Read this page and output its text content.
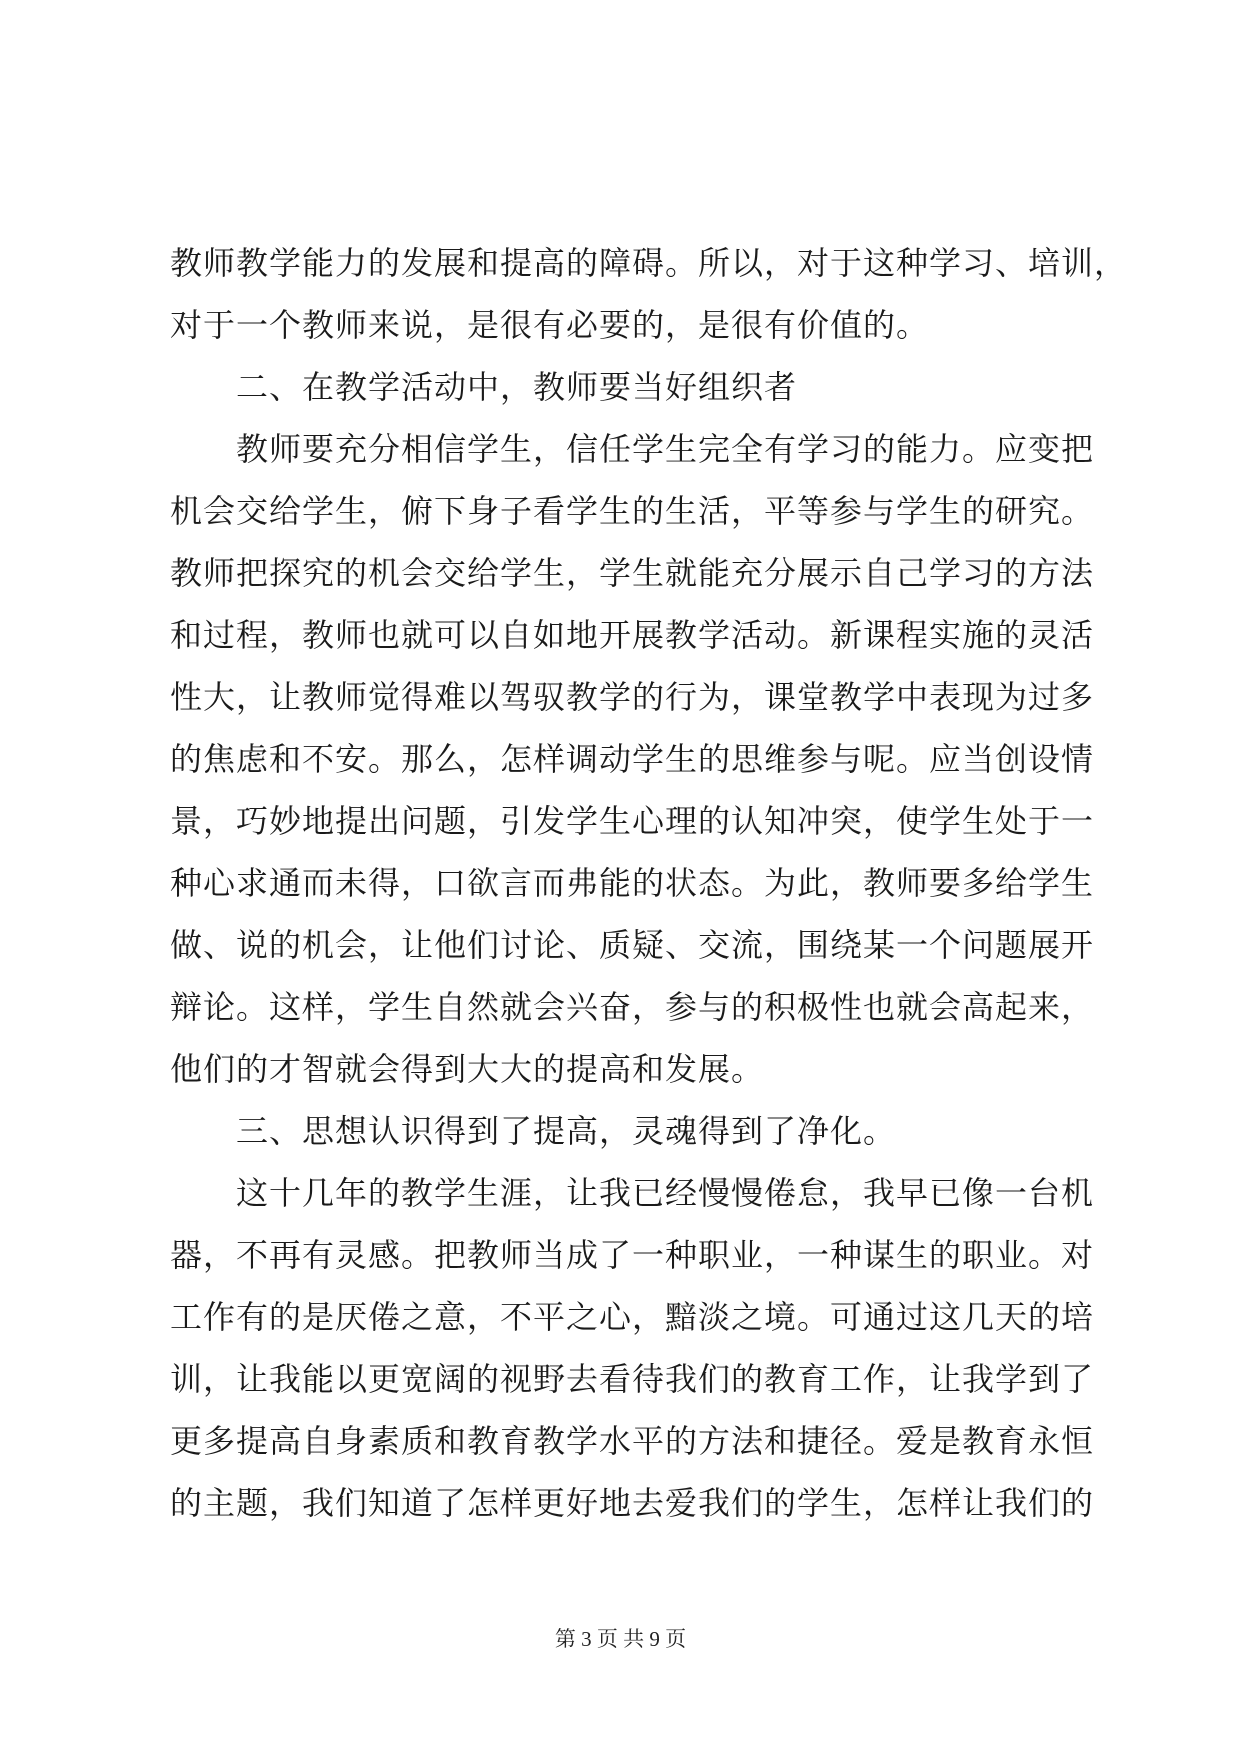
教师教学能力的发展和提高的障碍。所以，对于这种学习、培训，
对于一个教师来说，是很有必要的，是很有价值的。
二、在教学活动中，教师要当好组织者
教师要充分相信学生，信任学生完全有学习的能力。应变把
机会交给学生，俯下身子看学生的生活，平等参与学生的研究。
教师把探究的机会交给学生，学生就能充分展示自己学习的方法
和过程，教师也就可以自如地开展教学活动。新课程实施的灵活
性大，让教师觉得难以驾驭教学的行为，课堂教学中表现为过多
的焦虑和不安。那么，怎样调动学生的思维参与呢。应当创设情
景，巧妙地提出问题，引发学生心理的认知冲突，使学生处于一
种心求通而未得，口欲言而弗能的状态。为此，教师要多给学生
做、说的机会，让他们讨论、质疑、交流，围绕某一个问题展开
辩论。这样，学生自然就会兴奋，参与的积极性也就会高起来，
他们的才智就会得到大大的提高和发展。
三、思想认识得到了提高，灵魂得到了净化。
这十几年的教学生涯，让我已经慢慢倦怠，我早已像一台机
器，不再有灵感。把教师当成了一种职业，一种谋生的职业。对
工作有的是厌倦之意，不平之心，黯淡之境。可通过这几天的培
训，让我能以更宽阔的视野去看待我们的教育工作，让我学到了
更多提高自身素质和教育教学水平的方法和捷径。爱是教育永恒
的主题，我们知道了怎样更好地去爱我们的学生，怎样让我们的
第 3 页 共 9 页
